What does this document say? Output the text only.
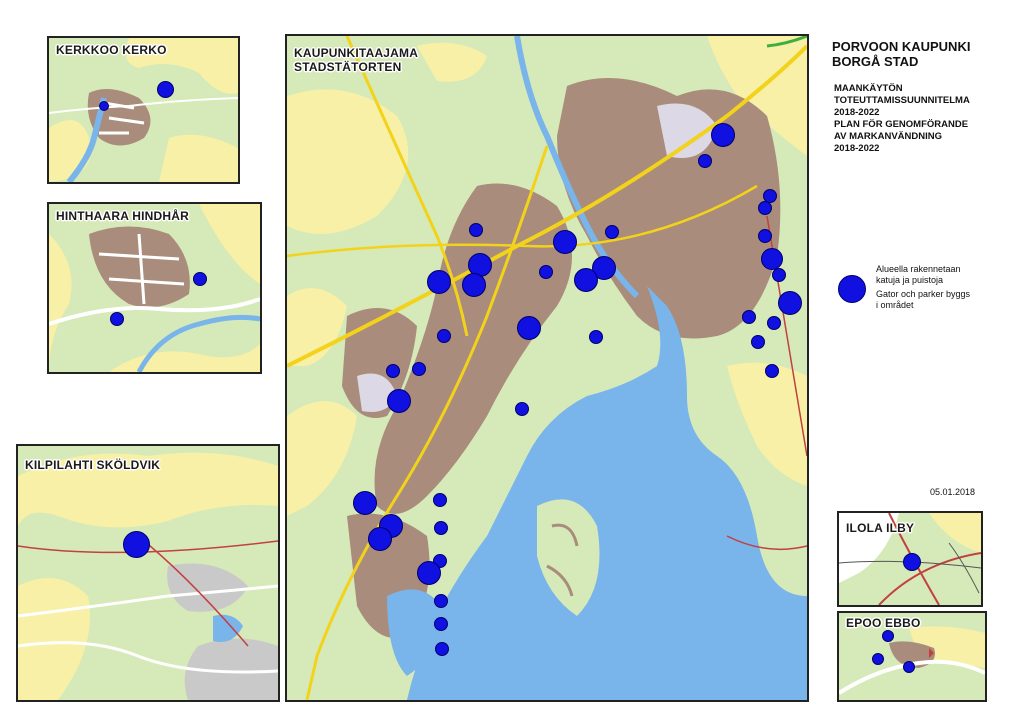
KERKKOO KERKO
HINTHAARA HINDHÅR
KILPILAHTI SKÖLDVIK
KAUPUNKITAAJAMA
STADSTÄTORTEN
PORVOON KAUPUNKI
BORGÅ STAD
MAANKÄYTÖN
TOTEUTTAMISSUUNNITELMA
2018-2022
PLAN FÖR GENOMFÖRANDE
AV MARKANVÄNDNING
2018-2022
Alueella rakennetaan
katuja ja puistoja
Gator och parker byggs
i området
05.01.2018
ILOLA ILBY
EPOO EBBO
